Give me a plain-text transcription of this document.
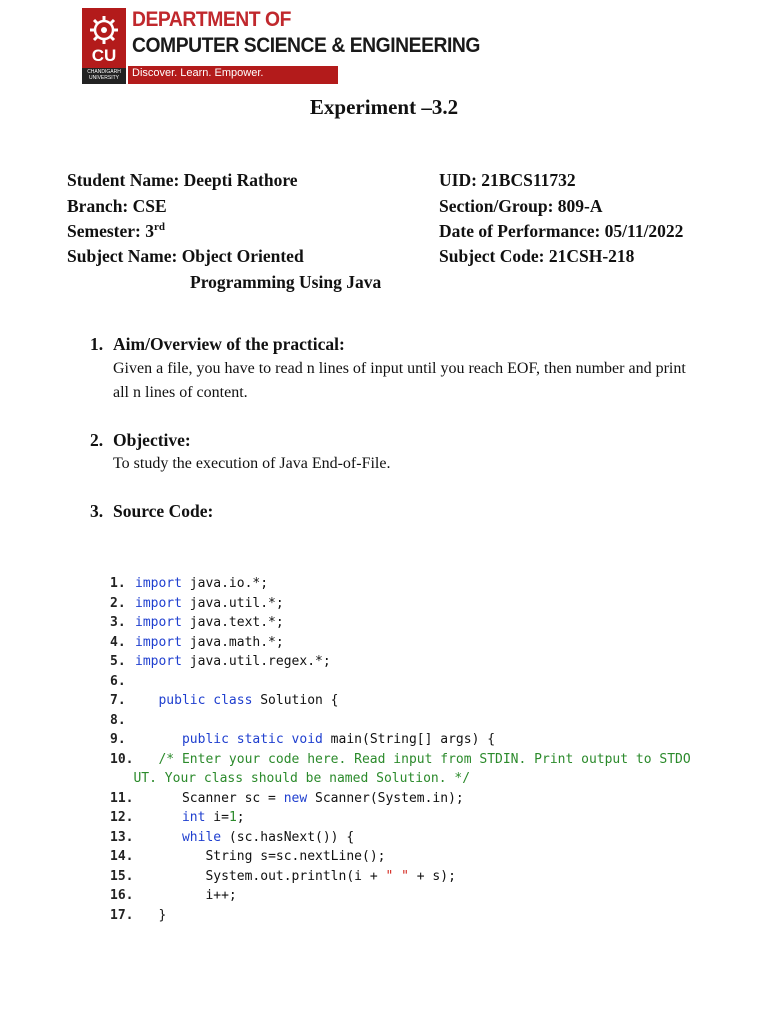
CU
CHANDIGARH UNIVERSITY
DEPARTMENT OF
COMPUTER SCIENCE & ENGINEERING
Discover. Learn. Empower.
Experiment –3.2
Student Name: Deepti Rathore	UID: 21BCS11732
Branch: CSE	Section/Group: 809-A
Semester: 3rd	Date of Performance: 05/11/2022
Subject Name: Object Oriented	Subject Code: 21CSH-218
Programming Using Java
1. Aim/Overview of the practical:
Given a file, you have to read n lines of input until you reach EOF, then number and print all n lines of content.
2. Objective:
To study the execution of Java End-of-File.
3. Source Code:
1. import java.io.*;
2. import java.util.*;
3. import java.text.*;
4. import java.math.*;
5. import java.util.regex.*;
6.
7.	public class Solution {
8.
9.	public static void main(String[] args) {
10. /* Enter your code here. Read input from STDIN. Print output to STDO
UT. Your class should be named Solution. */
11.	Scanner sc = new Scanner(System.in);
12.	int i=1;
13.	while (sc.hasNext()) {
14.	String s=sc.nextLine();
15.	System.out.println(i + " " + s);
16.	i++;
17. }
